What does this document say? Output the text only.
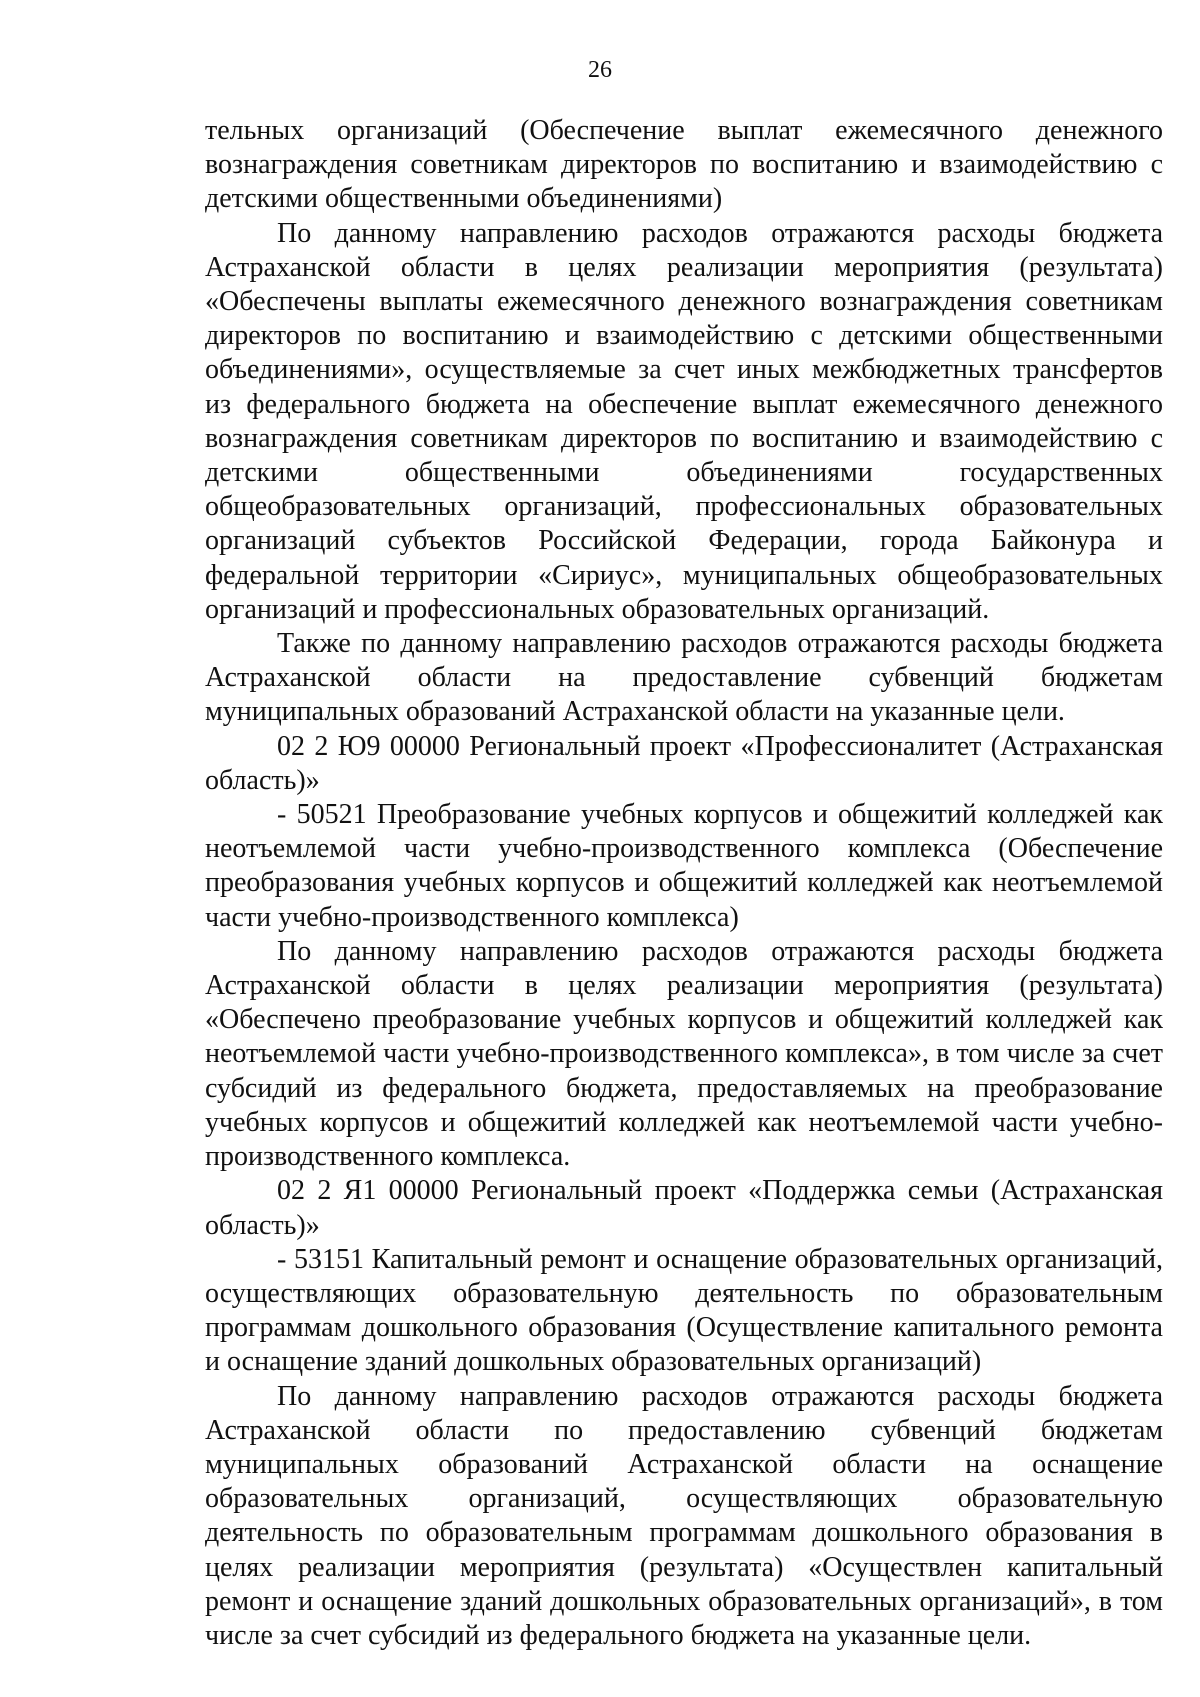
26

тельных организаций (Обеспечение выплат ежемесячного денежного вознаграждения советникам директоров по воспитанию и взаимодействию с детскими общественными объединениями)

По данному направлению расходов отражаются расходы бюджета Астраханской области в целях реализации мероприятия (результата) «Обеспечены выплаты ежемесячного денежного вознаграждения советникам директоров по воспитанию и взаимодействию с детскими общественными объединениями», осуществляемые за счет иных межбюджетных трансфертов из федерального бюджета на обеспечение выплат ежемесячного денежного вознаграждения советникам директоров по воспитанию и взаимодействию с детскими общественными объединениями государственных общеобразовательных организаций, профессиональных образовательных организаций субъектов Российской Федерации, города Байконура и федеральной территории «Сириус», муниципальных общеобразовательных организаций и профессиональных образовательных организаций.

Также по данному направлению расходов отражаются расходы бюджета Астраханской области на предоставление субвенций бюджетам муниципальных образований Астраханской области на указанные цели.

02 2 Ю9 00000 Региональный проект «Профессионалитет (Астраханская область)»

- 50521 Преобразование учебных корпусов и общежитий колледжей как неотъемлемой части учебно-производственного комплекса (Обеспечение преобразования учебных корпусов и общежитий колледжей как неотъемлемой части учебно-производственного комплекса)

По данному направлению расходов отражаются расходы бюджета Астраханской области в целях реализации мероприятия (результата) «Обеспечено преобразование учебных корпусов и общежитий колледжей как неотъемлемой части учебно-производственного комплекса», в том числе за счет субсидий из федерального бюджета, предоставляемых на преобразование учебных корпусов и общежитий колледжей как неотъемлемой части учебно-производственного комплекса.

02 2 Я1 00000 Региональный проект «Поддержка семьи (Астраханская область)»

- 53151 Капитальный ремонт и оснащение образовательных организаций, осуществляющих образовательную деятельность по образовательным программам дошкольного образования (Осуществление капитального ремонта и оснащение зданий дошкольных образовательных организаций)

По данному направлению расходов отражаются расходы бюджета Астраханской области по предоставлению субвенций бюджетам муниципальных образований Астраханской области на оснащение образовательных организаций, осуществляющих образовательную деятельность по образовательным программам дошкольного образования в целях реализации мероприятия (результата) «Осуществлен капитальный ремонт и оснащение зданий дошкольных образовательных организаций», в том числе за счет субсидий из федерального бюджета на указанные цели.
